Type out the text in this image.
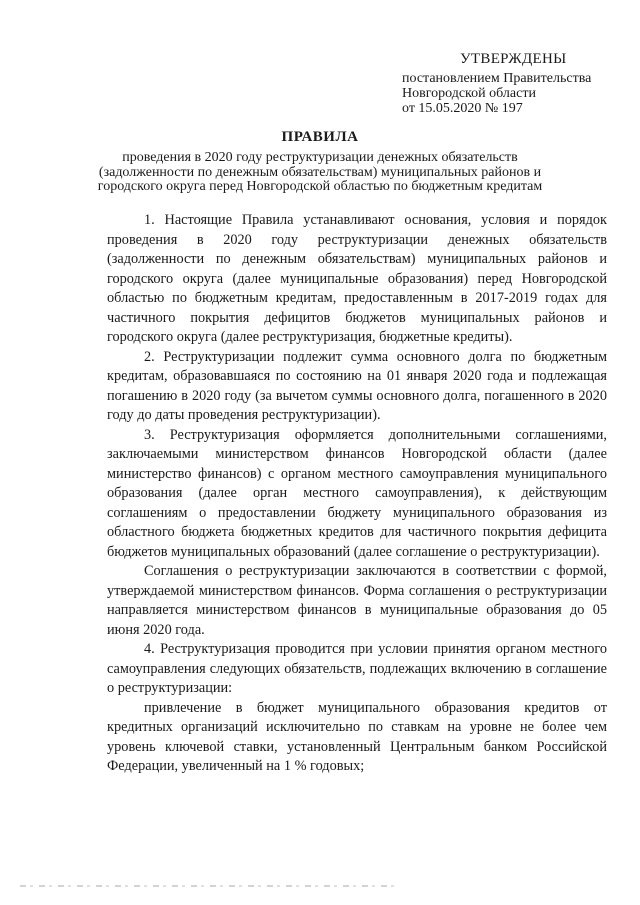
УТВЕРЖДЕНЫ
постановлением Правительства
Новгородской области
от 15.05.2020 № 197
ПРАВИЛА
проведения в 2020 году реструктуризации денежных обязательств
(задолженности по денежным обязательствам) муниципальных районов и
городского округа перед Новгородской областью по бюджетным кредитам

1. Настоящие Правила устанавливают основания, условия и порядок проведения в 2020 году реструктуризации денежных обязательств (задолженности по денежным обязательствам) муниципальных районов и городского округа (далее муниципальные образования) перед Новгородской областью по бюджетным кредитам, предоставленным в 2017-2019 годах для частичного покрытия дефицитов бюджетов муниципальных районов и городского округа (далее реструктуризация, бюджетные кредиты).

2. Реструктуризации подлежит сумма основного долга по бюджетным кредитам, образовавшаяся по состоянию на 01 января 2020 года и подлежащая погашению в 2020 году (за вычетом суммы основного долга, погашенного в 2020 году до даты проведения реструктуризации).

3. Реструктуризация оформляется дополнительными соглашениями, заключаемыми министерством финансов Новгородской области (далее министерство финансов) с органом местного самоуправления муниципального образования (далее орган местного самоуправления), к действующим соглашениям о предоставлении бюджету муниципального образования из областного бюджета бюджетных кредитов для частичного покрытия дефицита бюджетов муниципальных образований (далее соглашение о реструктуризации).

Соглашения о реструктуризации заключаются в соответствии с формой, утверждаемой министерством финансов. Форма соглашения о реструктуризации направляется министерством финансов в муниципальные образования до 05 июня 2020 года.

4. Реструктуризация проводится при условии принятия органом местного самоуправления следующих обязательств, подлежащих включению в соглашение о реструктуризации:

привлечение в бюджет муниципального образования кредитов от кредитных организаций исключительно по ставкам на уровне не более чем уровень ключевой ставки, установленный Центральным банком Российской Федерации, увеличенный на 1 % годовых;
